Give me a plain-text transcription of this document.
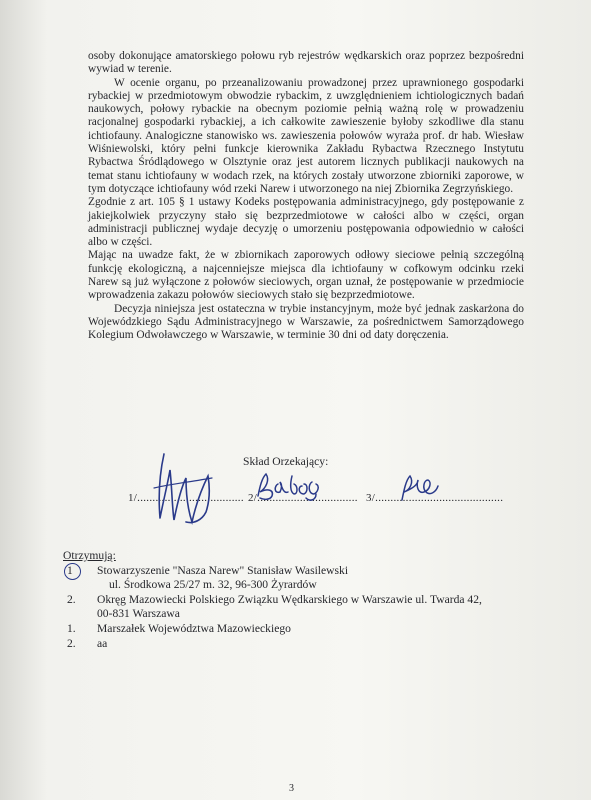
osoby dokonujące amatorskiego połowu ryb rejestrów wędkarskich oraz poprzez bezpośredni wywiad w terenie.

W ocenie organu, po przeanalizowaniu prowadzonej przez uprawnionego gospodarki rybackiej w przedmiotowym obwodzie rybackim, z uwzględnieniem ichtiologicznych badań naukowych, połowy rybackie na obecnym poziomie pełnią ważną rolę w prowadzeniu racjonalnej gospodarki rybackiej, a ich całkowite zawieszenie byłoby szkodliwe dla stanu ichtiofauny. Analogiczne stanowisko ws. zawieszenia połowów wyraża prof. dr hab. Wiesław Wiśniewolski, który pełni funkcje kierownika Zakładu Rybactwa Rzecznego Instytutu Rybactwa Śródlądowego w Olsztynie oraz jest autorem licznych publikacji naukowych na temat stanu ichtiofauny w wodach rzek, na których zostały utworzone zbiorniki zaporowe, w tym dotyczące ichtiofauny wód rzeki Narew i utworzonego na niej Zbiornika Zegrzyńskiego.

Zgodnie z art. 105 § 1 ustawy Kodeks postępowania administracyjnego, gdy postępowanie z jakiejkolwiek przyczyny stało się bezprzedmiotowe w całości albo w części, organ administracji publicznej wydaje decyzję o umorzeniu postępowania odpowiednio w całości albo w części.

Mając na uwadze fakt, że w zbiornikach zaporowych odłowy sieciowe pełnią szczególną funkcję ekologiczną, a najcenniejsze miejsca dla ichtiofauny w cofkowym odcinku rzeki Narew są już wyłączone z połowów sieciowych, organ uznał, że postępowanie w przedmiocie wprowadzenia zakazu połowów sieciowych stało się bezprzedmiotowe.

Decyzja niniejsza jest ostateczna w trybie instancyjnym, może być jednak zaskarżona do Wojewódzkiego Sądu Administracyjnego w Warszawie, za pośrednictwem Samorządowego Kolegium Odwoławczego w Warszawie, w terminie 30 dni od daty doręczenia.

Skład Orzekający:
1/................................... 2/................................. 3/..........................................
Otrzymują:
1	Stowarzyszenie "Nasza Narew" Stanisław Wasilewski
ul. Środkowa 25/27 m. 32, 96-300 Żyrardów
2.	Okręg Mazowiecki Polskiego Związku Wędkarskiego w Warszawie ul. Twarda 42,
00-831 Warszawa
1.	Marszałek Województwa Mazowieckiego
2.	aa
3
